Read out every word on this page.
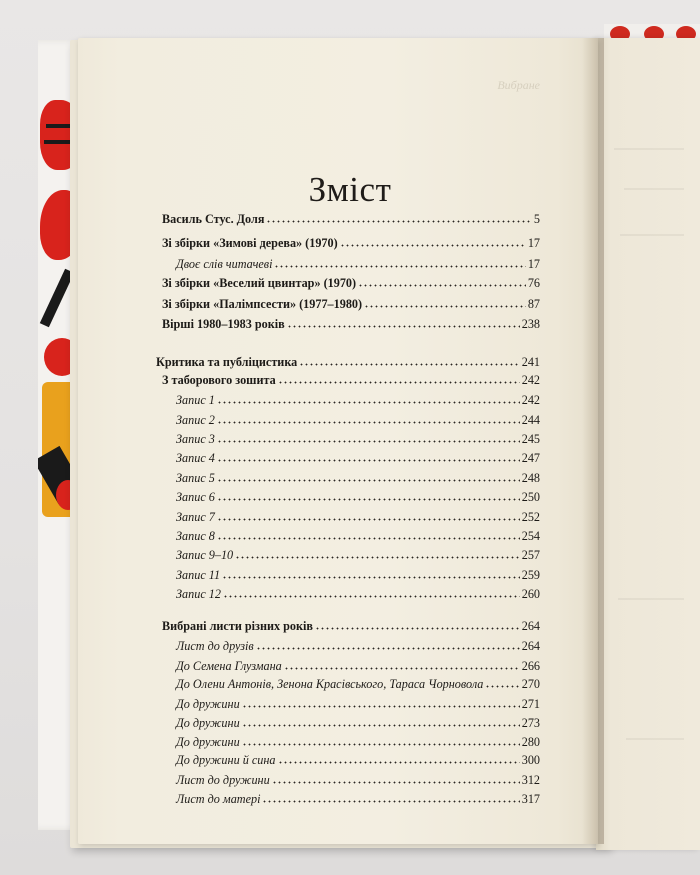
Вибране
Зміст
Василь Стус. Доля	5
Зі збірки «Зимові дерева» (1970)	17
Двоє слів читачеві	17
Зі збірки «Веселий цвинтар» (1970)	76
Зі збірки «Палімпсести» (1977–1980)	87
Вірші 1980–1983 років	238
Критика та публіцистика	241
З таборового зошита	242
Запис 1	242
Запис 2	244
Запис 3	245
Запис 4	247
Запис 5	248
Запис 6	250
Запис 7	252
Запис 8	254
Запис 9–10	257
Запис 11	259
Запис 12	260
Вибрані листи різних років	264
Лист до друзів	264
До Семена Глузмана	266
До Олени Антонів, Зенона Красівського, Тараса Чорновола	270
До дружини	271
До дружини	273
До дружини	280
До дружини й сина	300
Лист до дружини	312
Лист до матері	317
